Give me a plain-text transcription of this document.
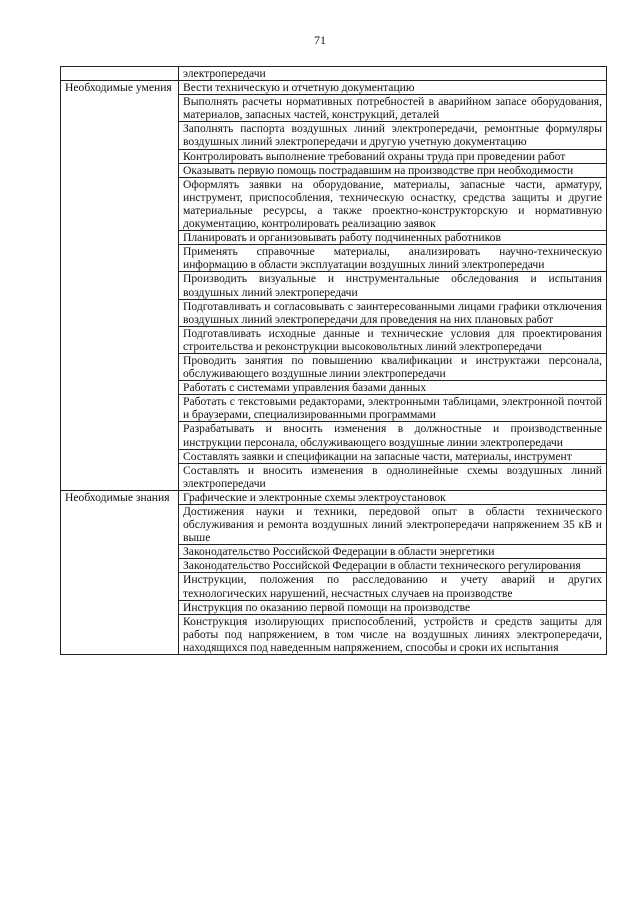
71
	электропередачи
Необходимые умения	Вести техническую и отчетную документацию
	Выполнять расчеты нормативных потребностей в аварийном запасе оборудования, материалов, запасных частей, конструкций, деталей
	Заполнять паспорта воздушных линий электропередачи, ремонтные формуляры воздушных линий электропередачи и другую учетную документацию
	Контролировать выполнение требований охраны труда при проведении работ
	Оказывать первую помощь пострадавшим на производстве при необходимости
	Оформлять заявки на оборудование, материалы, запасные части, арматуру, инструмент, приспособления, техническую оснастку, средства защиты и другие материальные ресурсы, а также проектно-конструкторскую и нормативную документацию, контролировать реализацию заявок
	Планировать и организовывать работу подчиненных работников
	Применять справочные материалы, анализировать научно-техническую информацию в области эксплуатации воздушных линий электропередачи
	Производить визуальные и инструментальные обследования и испытания воздушных линий электропередачи
	Подготавливать и согласовывать с заинтересованными лицами графики отключения воздушных линий электропередачи для проведения на них плановых работ
	Подготавливать исходные данные и технические условия для проектирования строительства и реконструкции высоковольтных линий электропередачи
	Проводить занятия по повышению квалификации и инструктажи персонала, обслуживающего воздушные линии электропередачи
	Работать с системами управления базами данных
	Работать с текстовыми редакторами, электронными таблицами, электронной почтой и браузерами, специализированными программами
	Разрабатывать и вносить изменения в должностные и производственные инструкции персонала, обслуживающего воздушные линии электропередачи
	Составлять заявки и спецификации на запасные части, материалы, инструмент
	Составлять и вносить изменения в однолинейные схемы воздушных линий электропередачи
Необходимые знания	Графические и электронные схемы электроустановок
	Достижения науки и техники, передовой опыт в области технического обслуживания и ремонта воздушных линий электропередачи напряжением 35 кВ и выше
	Законодательство Российской Федерации в области энергетики
	Законодательство Российской Федерации в области технического регулирования
	Инструкции, положения по расследованию и учету аварий и других технологических нарушений, несчастных случаев на производстве
	Инструкция по оказанию первой помощи на производстве
	Конструкция изолирующих приспособлений, устройств и средств защиты для работы под напряжением, в том числе на воздушных линиях электропередачи, находящихся под наведенным напряжением, способы и сроки их испытания
